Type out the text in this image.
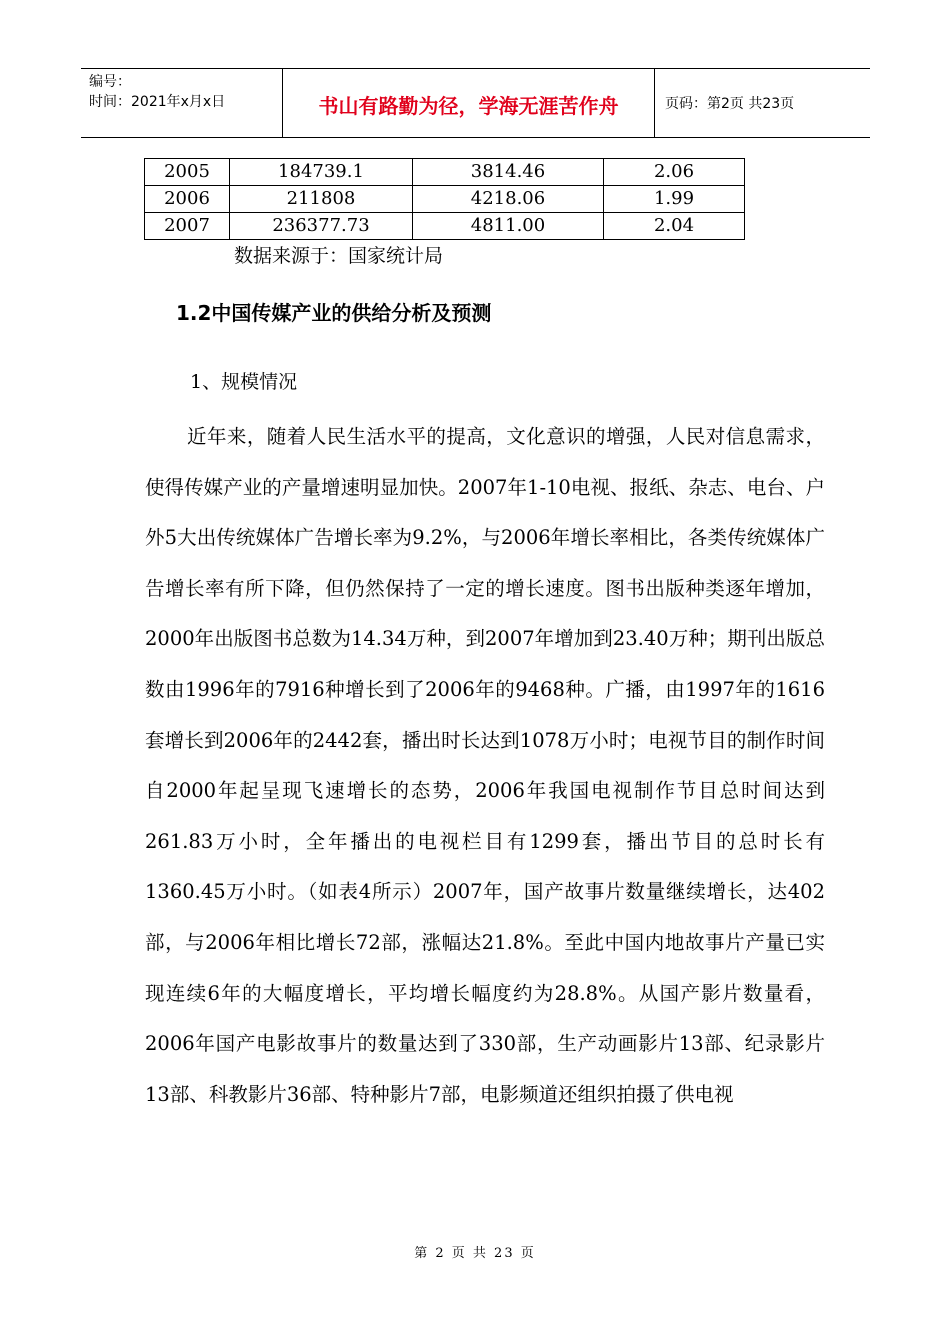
编号：
时间：2021年x月x日	书山有路勤为径，学海无涯苦作舟	页码：第2页 共23页
2005	184739.1	3814.46	2.06
2006	211808	4218.06	1.99
2007	236377.73	4811.00	2.04
数据来源于：国家统计局
1.2中国传媒产业的供给分析及预测
1、规模情况

近年来，随着人民生活水平的提高，文化意识的增强，人民对信息需求，使得传媒产业的产量增速明显加快。2007年1-10电视、报纸、杂志、电台、户外5大出传统媒体广告增长率为9.2%，与2006年增长率相比，各类传统媒体广告增长率有所下降，但仍然保持了一定的增长速度。图书出版种类逐年增加，2000年出版图书总数为14.34万种，到2007年增加到23.40万种；期刊出版总数由1996年的7916种增长到了2006年的9468种。广播，由1997年的1616套增长到2006年的2442套，播出时长达到1078万小时；电视节目的制作时间自2000年起呈现飞速增长的态势，2006年我国电视制作节目总时间达到261.83万小时，全年播出的电视栏目有1299套，播出节目的总时长有1360.45万小时。（如表4所示）2007年，国产故事片数量继续增长，达402部，与2006年相比增长72部，涨幅达21.8%。至此中国内地故事片产量已实现连续6年的大幅度增长，平均增长幅度约为28.8%。从国产影片数量看，2006年国产电影故事片的数量达到了330部，生产动画影片13部、纪录影片13部、科教影片36部、特种影片7部，电影频道还组织拍摄了供电视

第 2 页 共 23 页
